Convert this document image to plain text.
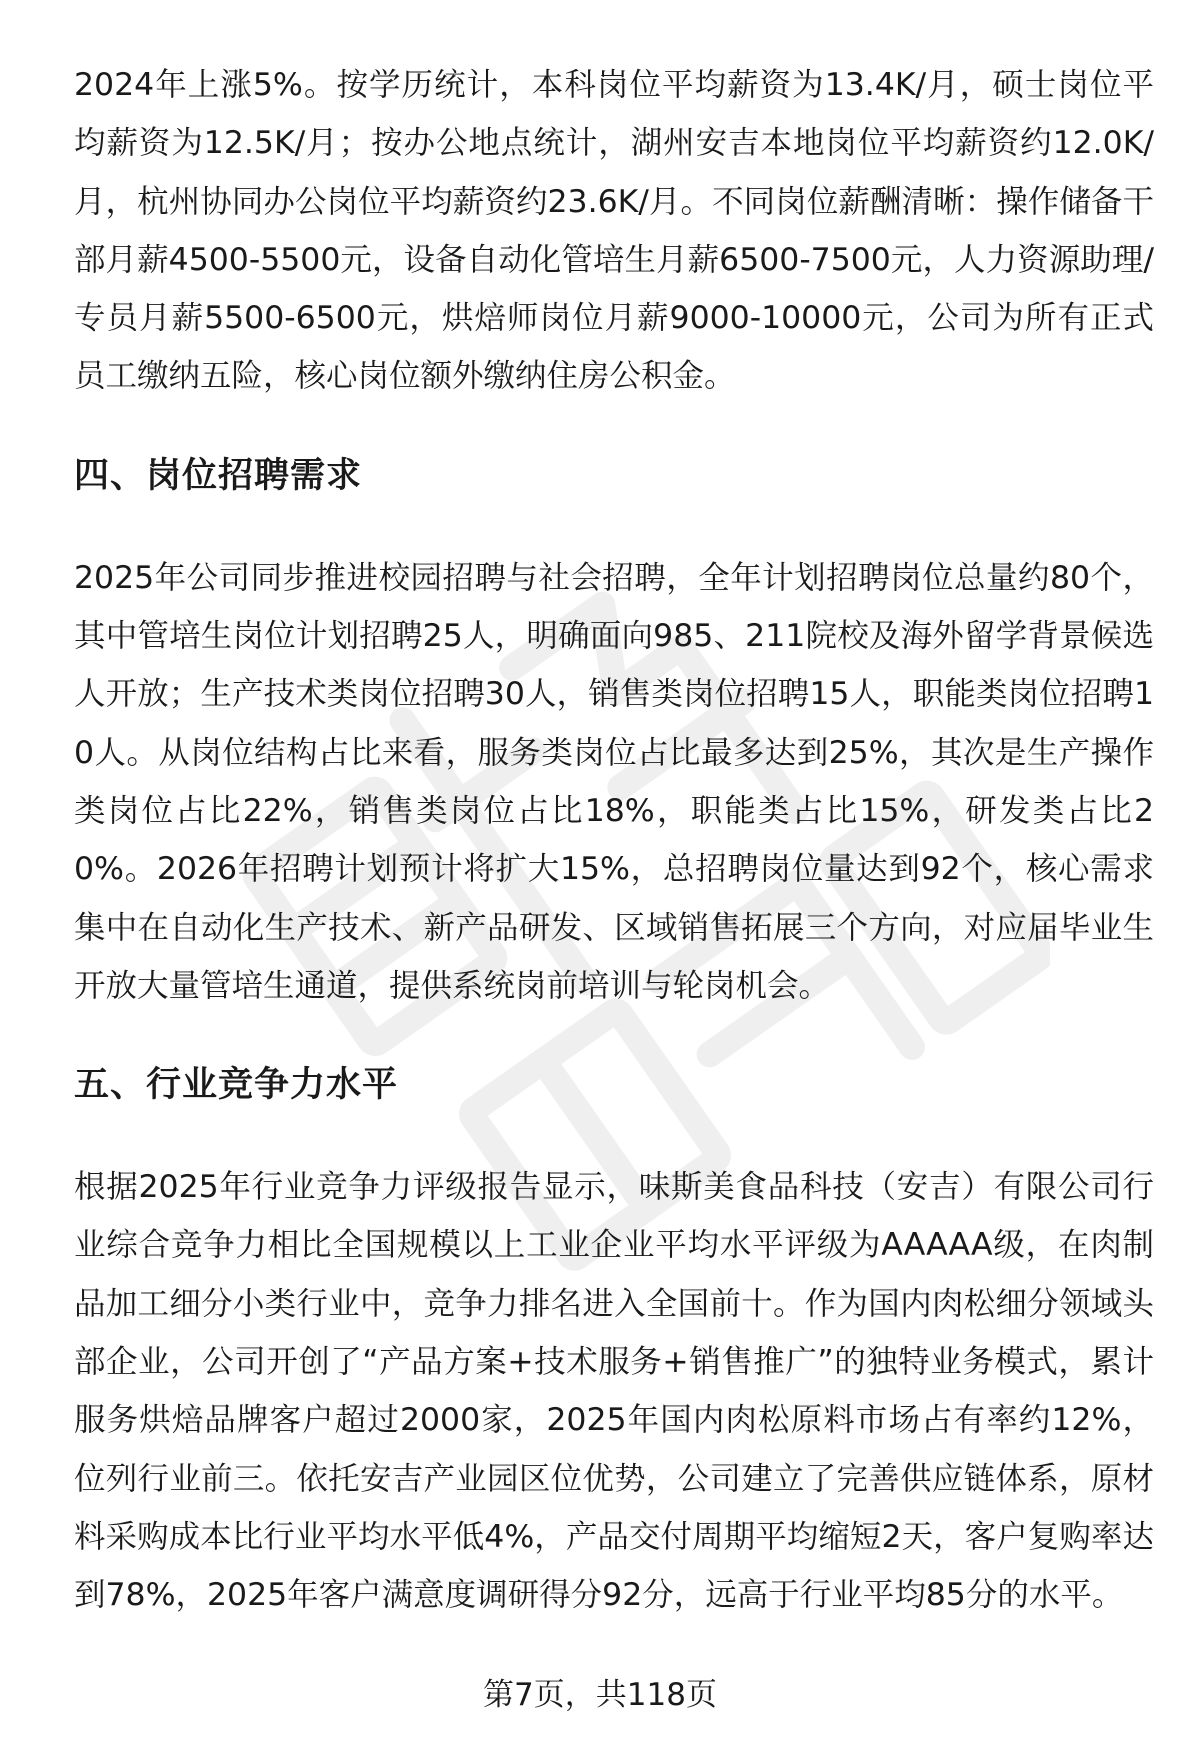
2024年上涨5%。按学历统计，本科岗位平均薪资为13.4K/月，硕士岗位平均薪资为12.5K/月；按办公地点统计，湖州安吉本地岗位平均薪资约12.0K/月，杭州协同办公岗位平均薪资约23.6K/月。不同岗位薪酬清晰：操作储备干部月薪4500-5500元，设备自动化管培生月薪6500-7500元，人力资源助理/专员月薪5500-6500元，烘焙师岗位月薪9000-10000元，公司为所有正式员工缴纳五险，核心岗位额外缴纳住房公积金。

四、岗位招聘需求

2025年公司同步推进校园招聘与社会招聘，全年计划招聘岗位总量约80个，其中管培生岗位计划招聘25人，明确面向985、211院校及海外留学背景候选人开放；生产技术类岗位招聘30人，销售类岗位招聘15人，职能类岗位招聘10人。从岗位结构占比来看，服务类岗位占比最多达到25%，其次是生产操作类岗位占比22%，销售类岗位占比18%，职能类占比15%，研发类占比20%。2026年招聘计划预计将扩大15%，总招聘岗位量达到92个，核心需求集中在自动化生产技术、新产品研发、区域销售拓展三个方向，对应届毕业生开放大量管培生通道，提供系统岗前培训与轮岗机会。

五、行业竞争力水平

根据2025年行业竞争力评级报告显示，味斯美食品科技（安吉）有限公司行业综合竞争力相比全国规模以上工业企业平均水平评级为AAAAA级，在肉制品加工细分小类行业中，竞争力排名进入全国前十。作为国内肉松细分领域头部企业，公司开创了“产品方案+技术服务+销售推广”的独特业务模式，累计服务烘焙品牌客户超过2000家，2025年国内肉松原料市场占有率约12%，位列行业前三。依托安吉产业园区位优势，公司建立了完善供应链体系，原材料采购成本比行业平均水平低4%，产品交付周期平均缩短2天，客户复购率达到78%，2025年客户满意度调研得分92分，远高于行业平均85分的水平。

第7页，共118页
